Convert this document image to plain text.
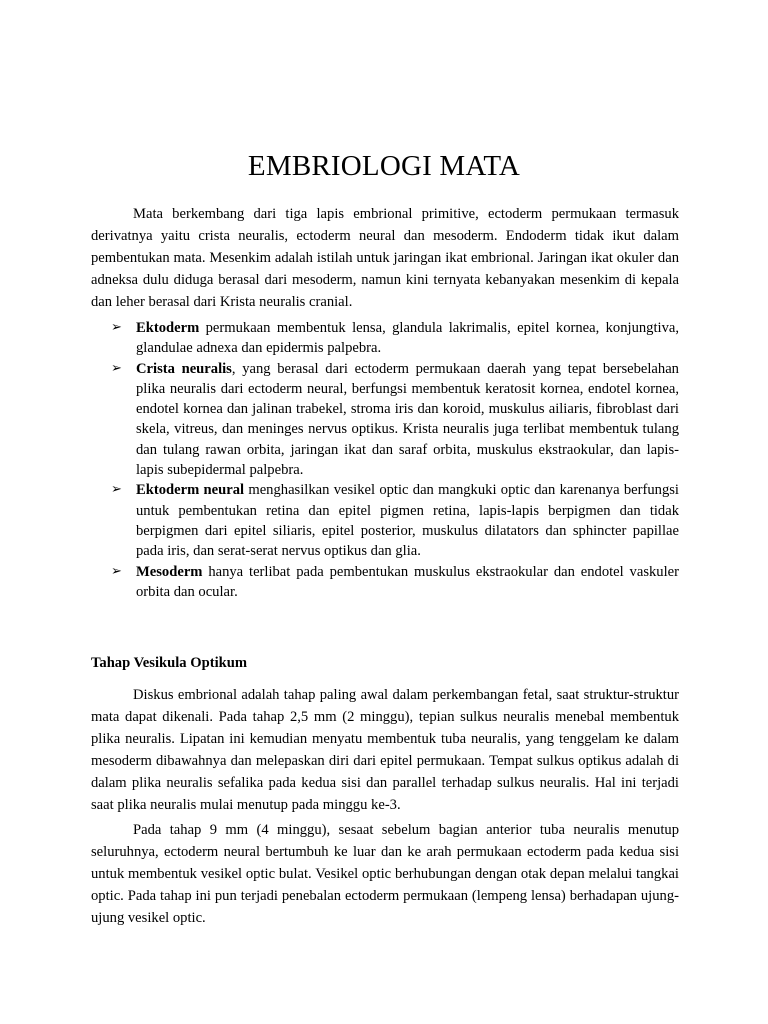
EMBRIOLOGI MATA

Mata berkembang dari tiga lapis embrional primitive, ectoderm permukaan termasuk derivatnya yaitu crista neuralis, ectoderm neural dan mesoderm. Endoderm tidak ikut dalam pembentukan mata. Mesenkim adalah istilah untuk jaringan ikat embrional. Jaringan ikat okuler dan adneksa dulu diduga berasal dari mesoderm, namun kini ternyata kebanyakan mesenkim di kepala dan leher berasal dari Krista neuralis cranial.

➢ Ektoderm permukaan membentuk lensa, glandula lakrimalis, epitel kornea, konjungtiva, glandulae adnexa dan epidermis palpebra.
➢ Crista neuralis, yang berasal dari ectoderm permukaan daerah yang tepat bersebelahan plika neuralis dari ectoderm neural, berfungsi membentuk keratosit kornea, endotel kornea, endotel kornea dan jalinan trabekel, stroma iris dan koroid, muskulus ailiaris, fibroblast dari skela, vitreus, dan meninges nervus optikus. Krista neuralis juga terlibat membentuk tulang dan tulang rawan orbita, jaringan ikat dan saraf orbita, muskulus ekstraokular, dan lapis-lapis subepidermal palpebra.
➢ Ektoderm neural menghasilkan vesikel optic dan mangkuki optic dan karenanya berfungsi untuk pembentukan retina dan epitel pigmen retina, lapis-lapis berpigmen dan tidak berpigmen dari epitel siliaris, epitel posterior, muskulus dilatators dan sphincter papillae pada iris, dan serat-serat nervus optikus dan glia.
➢ Mesoderm hanya terlibat pada pembentukan muskulus ekstraokular dan endotel vaskuler orbita dan ocular.
Tahap Vesikula Optikum

Diskus embrional adalah tahap paling awal dalam perkembangan fetal, saat struktur-struktur mata dapat dikenali. Pada tahap 2,5 mm (2 minggu), tepian sulkus neuralis menebal membentuk plika neuralis. Lipatan ini kemudian menyatu membentuk tuba neuralis, yang tenggelam ke dalam mesoderm dibawahnya dan melepaskan diri dari epitel permukaan. Tempat sulkus optikus adalah di dalam plika neuralis sefalika pada kedua sisi dan parallel terhadap sulkus neuralis. Hal ini terjadi saat plika neuralis mulai menutup pada minggu ke-3.

Pada tahap 9 mm (4 minggu), sesaat sebelum bagian anterior tuba neuralis menutup seluruhnya, ectoderm neural bertumbuh ke luar dan ke arah permukaan ectoderm pada kedua sisi untuk membentuk vesikel optic bulat. Vesikel optic berhubungan dengan otak depan melalui tangkai optic. Pada tahap ini pun terjadi penebalan ectoderm permukaan (lempeng lensa) berhadapan ujung-ujung vesikel optic.
